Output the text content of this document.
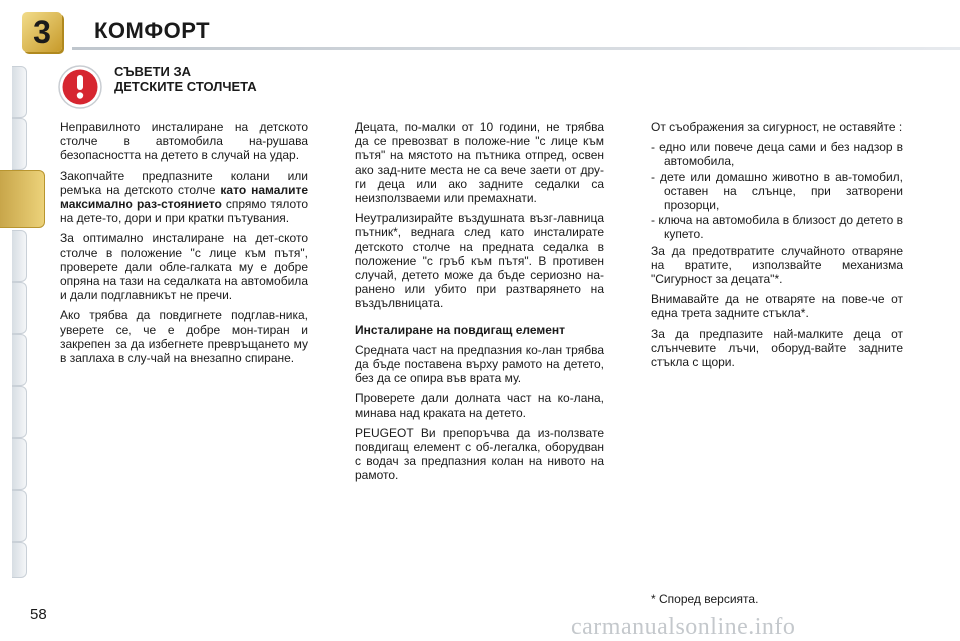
3	КОМФОРТ
СЪВЕТИ ЗА
ДЕТСКИТЕ СТОЛЧЕТА

Неправилното инсталиране на детското столче в автомобила на-рушава безопасността на детето в случай на удар.

Закопчайте предпазните колани или ремъка на детското столче като намалите максимално раз-стоянието спрямо тялото на дете-то, дори и при кратки пътувания.

За оптимално инсталиране на дет-ското столче в положение "с лице към пътя", проверете дали обле-галката му е добре опряна на тази на седалката на автомобила и дали подглавникът не пречи.

Ако трябва да повдигнете подглав-ника, уверете се, че е добре мон-тиран и закрепен за да избегнете превръщането му в заплаха в слу-чай на внезапно спиране.

Децата, по-малки от 10 години, не трябва да се превозват в положе-ние "с лице към пътя" на мястото на пътника отпред, освен ако зад-ните места не са вече заети от дру-ги деца или ако задните седалки са неизползваеми или премахнати.

Неутрализирайте въздушната възг-лавница пътник*, веднага след като инсталирате детското столче на предната седалка в положение "с гръб към пътя". В противен случай, детето може да бъде сериозно на-ранено или убито при разтварянето на въздълвницата.

Инсталиране на повдигащ елемент

Средната част на предпазния ко-лан трябва да бъде поставена върху рамото на детето, без да се опира във врата му.

Проверете дали долната част на ко-лана, минава над краката на детето.

PEUGEOT Ви препоръчва да из-ползвате повдигащ елемент с об-легалка, оборудван с водач за предпазния колан на нивото на рамото.

От съображения за сигурност, не оставяйте :

- едно или повече деца сами и без надзор в автомобила,
- дете или домашно животно в ав-томобил, оставен на слънце, при затворени прозорци,
- ключа на автомобила в близост до детето в купето.

За да предотвратите случайното отваряне на вратите, използвайте механизма "Сигурност за децата"*.

Внимавайте да не отваряте на пове-че от една трета задните стъкла*.

За да предпазите най-малките деца от слънчевите лъчи, оборуд-вайте задните стъкла с щори.

* Според версията.
58	carmanualsonline.info
